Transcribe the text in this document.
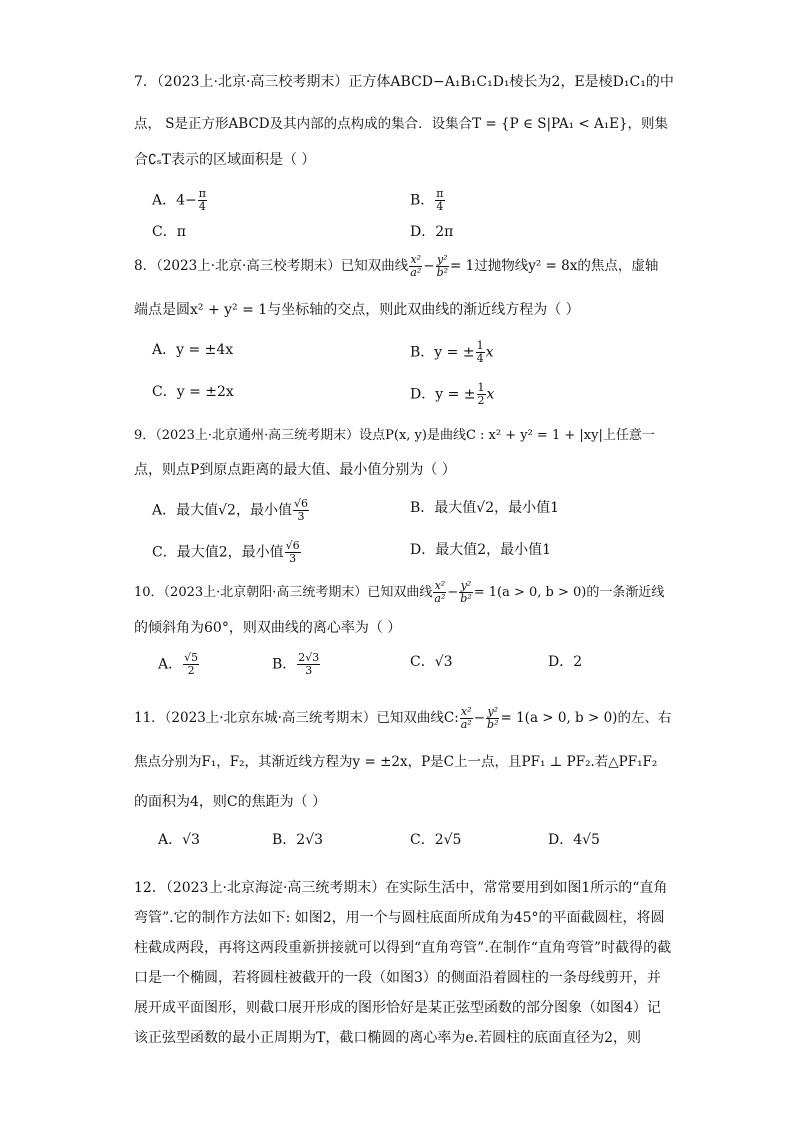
7．（2023上·北京·高三校考期末）正方体ABCD−A₁B₁C₁D₁棱长为2，E是棱D₁C₁的中
点， S是正方形ABCD及其内部的点构成的集合．设集合T = {P ∈ S|PA₁ < A₁E}，则集
合∁ₛT表示的区域面积是（ ）
A．$4- \frac{\pi}{4}$	B． $\frac{\pi}{4}$
C．π	D．2π
8．（2023上·北京·高三校考期末）已知双曲线 $\frac{\text{x²}}{\text{a²}} - \frac{\text{y²}}{\text{b²}} = 1$过抛物线y² = 8x的焦点，虚轴
端点是圆x² + y² = 1与坐标轴的交点，则此双曲线的渐近线方程为（ ）
A．y = ±4x	B．y = ± $\frac{1}{4}$ x
C．y = ±2x	D．y = ± $\frac{1}{2}$ x
9．（2023上·北京通州·高三统考期末）设点P(x, y)是曲线C : x² + y² = 1 + |xy|上任意一
点，则点P到原点距离的最大值、最小值分别为（ ）
A．最大值√2，最小值 $\frac{√6}{3}$	B．最大值√2，最小值1
C．最大值2，最小值 $\frac{√6}{3}$	D．最大值2，最小值1
10．（2023上·北京朝阳·高三统考期末）已知双曲线 $\frac{\text{x²}}{\text{a²}} - \frac{\text{y²}}{\text{b²}} = 1(a > 0$, b > 0)的一条渐近线
的倾斜角为60°，则双曲线的离心率为（ ）
A． $\frac{√5}{2}$	B． $\frac{2√3}{3}$	C．√3	D．2
11．（2023上·北京东城·高三统考期末）已知双曲线C: $\frac{\text{x²}}{\text{a²}} - \frac{\text{y²}}{\text{b²}} = 1(a > 0$, b > 0)的左、右
焦点分别为F₁，F₂，其渐近线方程为y = ±2x，P是C上一点，且PF₁ ⊥ PF₂.若△PF₁F₂
的面积为4，则C的焦距为（ ）
A．√3	B．2√3	C．2√5	D．4√5
12．（2023上·北京海淀·高三统考期末）在实际生活中，常常要用到如图1所示的“直角
弯管”.它的制作方法如下: 如图2，用一个与圆柱底面所成角为45°的平面截圆柱，将圆
柱截成两段，再将这两段重新拼接就可以得到“直角弯管”.在制作“直角弯管”时截得的截
口是一个椭圆，若将圆柱被截开的一段（如图3）的侧面沿着圆柱的一条母线剪开，并
展开成平面图形，则截口展开形成的图形恰好是某正弦型函数的部分图象（如图4）记
该正弦型函数的最小正周期为T，截口椭圆的离心率为e.若圆柱的底面直径为2，则
